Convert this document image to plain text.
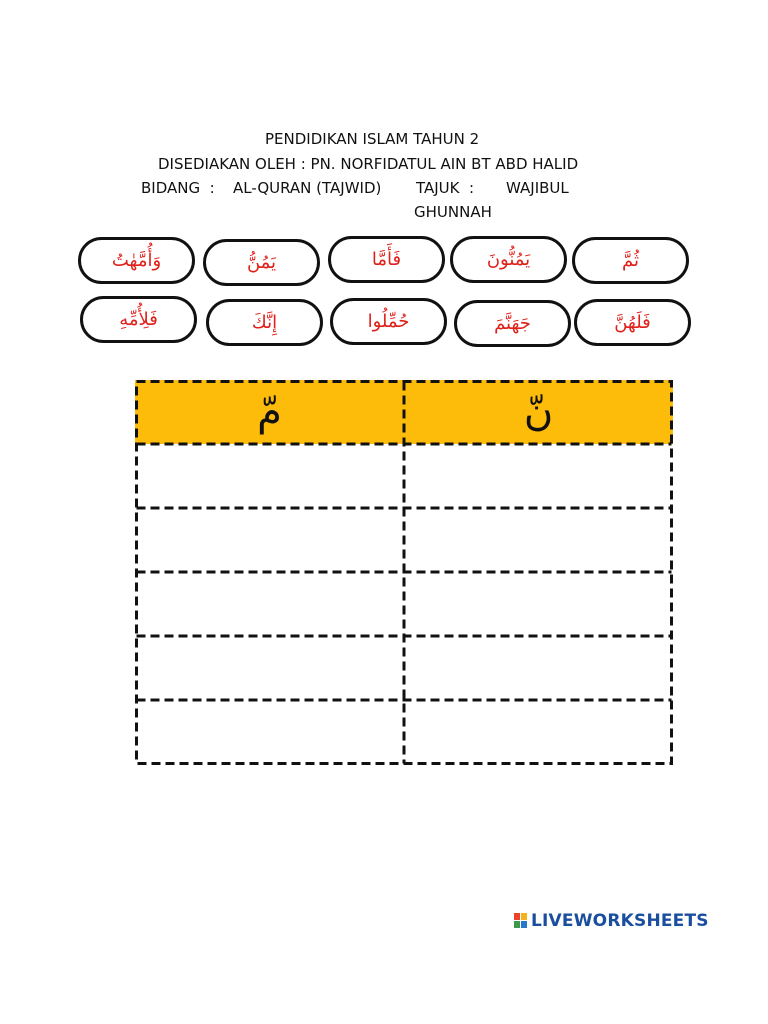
PENDIDIKAN ISLAM TAHUN 2
DISEDIAKAN OLEH : PN. NORFIDATUL AIN BT ABD HALID
BIDANG  : AL-QURAN (TAJWID) TAJUK  : WAJIBUL
GHUNNAH
وَأُمَّهٰتُ	يَمُنُّ	فَأَمَّا	يَمُنُّونَ	ثُمَّ
فَلِأُمِّهِ	إِنَّكَ	حُمِّلُوا	جَهَنَّمَ	فَلَهُنَّ
مّ	نّ
LIVEWORKSHEETS
